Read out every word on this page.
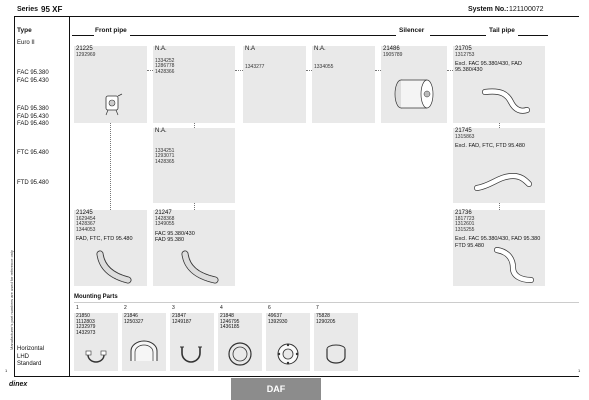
Series 95 XF	System No.: 121100072
Manufacturer's part numbers are used for reference only
Type	Front pipe	Silencer	Tail pipe
Euro II
FAC 95.380
FAC 95.430
FAD 95.380
FAD 95.430
FAD 95.480
FTC 95.480
FTD 95.480
Horizontal
LHD
Standard
21225
1292969
N.A.
1334252
1286778
1428366
N.A
1343277
N.A.
1334055
21486
1905789
21705
1312753
Excl. FAC 95.380/430, FAD 95.380/430
N.A.
1334251
1293071
1428365
21745
1315863
Excl. FAD, FTC, FTD 95.480
21245
1629454
1428367
1344053
FAD, FTC, FTD 95.480
21247
1428368
1349055
FAC 95.380/430 FAD 95.380
21736
1817723
1312601
1315255
Excl. FAC 95.380/430, FAD 95.380 FTD 95.480
Mounting Parts
1
21850
1112803
1232979
1432973
2
21846
1250327
3
21847
1249187
4
21848
1246795
1436185
6
49637
1392930
7
75828
1290205
dinex	DAF
1	1
